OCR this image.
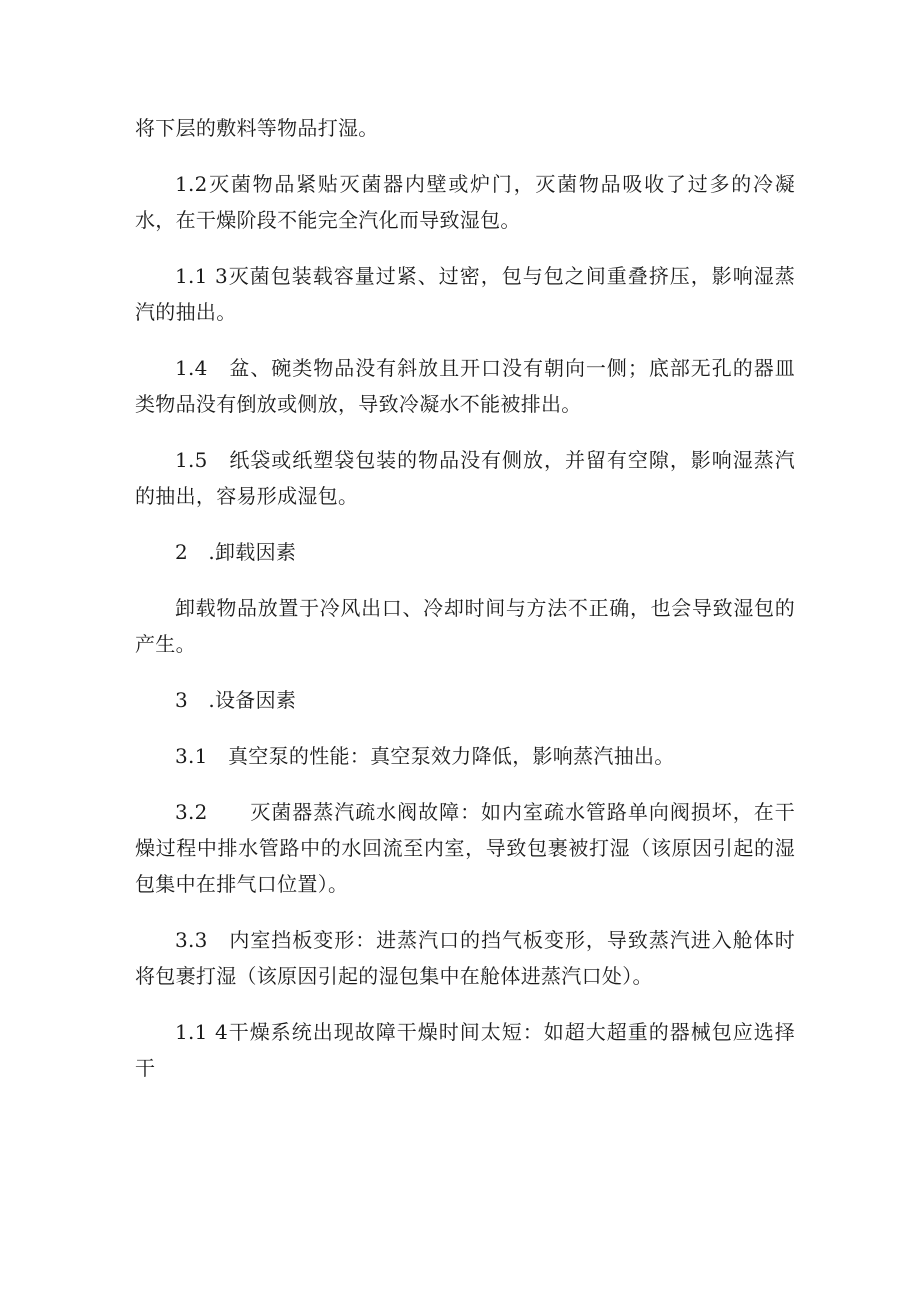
将下层的敷料等物品打湿。

1.2灭菌物品紧贴灭菌器内壁或炉门，灭菌物品吸收了过多的冷凝水，在干燥阶段不能完全汽化而导致湿包。

1.1 3灭菌包装载容量过紧、过密，包与包之间重叠挤压，影响湿蒸汽的抽出。

1.4　盆、碗类物品没有斜放且开口没有朝向一侧；底部无孔的器皿类物品没有倒放或侧放，导致冷凝水不能被排出。

1.5　纸袋或纸塑袋包装的物品没有侧放，并留有空隙，影响湿蒸汽的抽出，容易形成湿包。

2　.卸载因素

卸载物品放置于冷风出口、冷却时间与方法不正确，也会导致湿包的产生。

3　.设备因素

3.1　真空泵的性能：真空泵效力降低，影响蒸汽抽出。

3.2　　灭菌器蒸汽疏水阀故障：如内室疏水管路单向阀损坏，在干燥过程中排水管路中的水回流至内室，导致包裹被打湿（该原因引起的湿包集中在排气口位置）。

3.3　内室挡板变形：进蒸汽口的挡气板变形，导致蒸汽进入舱体时将包裹打湿（该原因引起的湿包集中在舱体进蒸汽口处）。

1.1 4干燥系统出现故障干燥时间太短：如超大超重的器械包应选择干
